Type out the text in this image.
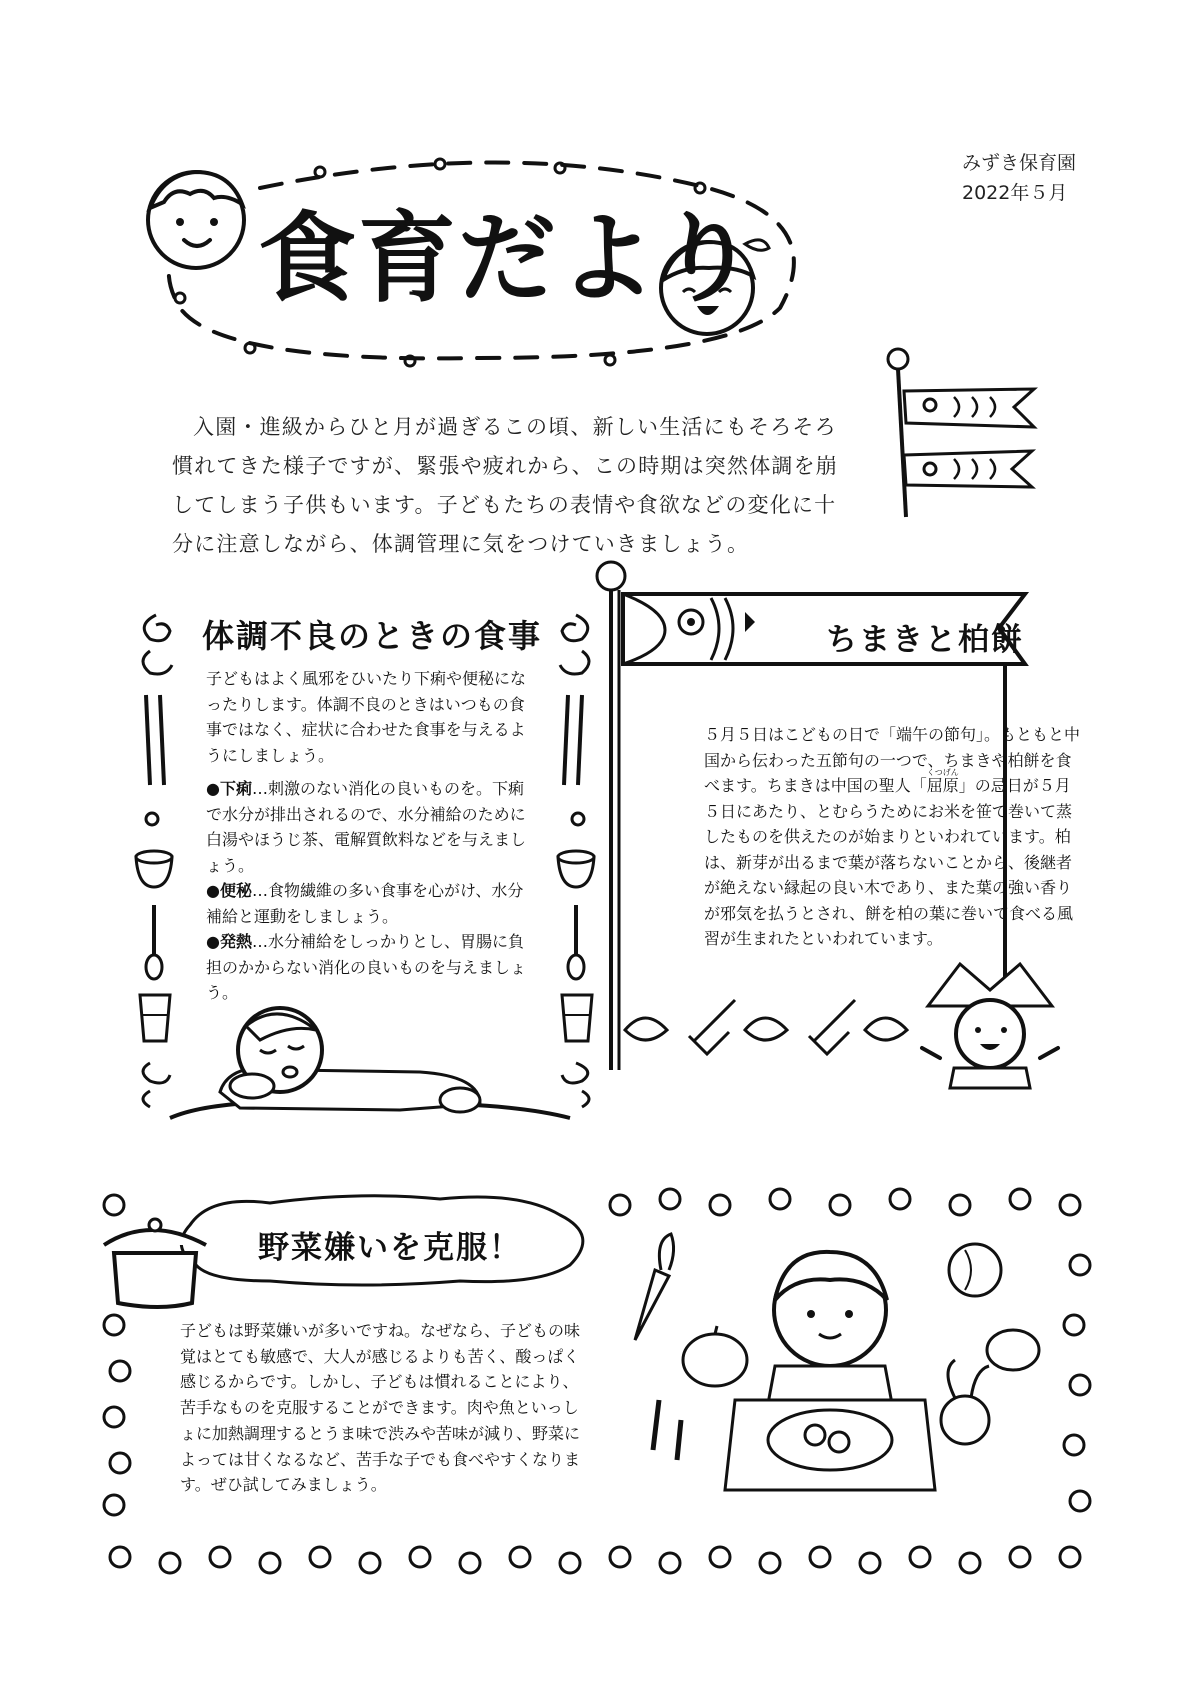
みずき保育園
2022年５月
食育だより
入園・進級からひと月が過ぎるこの頃、新しい生活にもそろそろ慣れてきた様子ですが、緊張や疲れから、この時期は突然体調を崩してしまう子供もいます。子どもたちの表情や食欲などの変化に十分に注意しながら、体調管理に気をつけていきましょう。
体調不良のときの食事

子どもはよく風邪をひいたり下痢や便秘になったりします。体調不良のときはいつもの食事ではなく、症状に合わせた食事を与えるようにしましょう。

●下痢…刺激のない消化の良いものを。下痢で水分が排出されるので、水分補給のために白湯やほうじ茶、電解質飲料などを与えましょう。
●便秘…食物繊維の多い食事を心がけ、水分補給と運動をしましょう。
●発熱…水分補給をしっかりとし、胃腸に負担のかからない消化の良いものを与えましょう。
ちまきと柏餅
５月５日はこどもの日で「端午の節句」。もともと中国から伝わった五節句の一つで、ちまきや柏餅を食べます。ちまきは中国の聖人「屈原くつげん」の忌日が５月５日にあたり、とむらうためにお米を笹で巻いて蒸したものを供えたのが始まりといわれています。柏は、新芽が出るまで葉が落ちないことから、後継者が絶えない縁起の良い木であり、また葉の強い香りが邪気を払うとされ、餅を柏の葉に巻いて食べる風習が生まれたといわれています。
野菜嫌いを克服！
子どもは野菜嫌いが多いですね。なぜなら、子どもの味覚はとても敏感で、大人が感じるよりも苦く、酸っぱく感じるからです。しかし、子どもは慣れることにより、苦手なものを克服することができます。肉や魚といっしょに加熱調理するとうま味で渋みや苦味が減り、野菜によっては甘くなるなど、苦手な子でも食べやすくなります。ぜひ試してみましょう。
